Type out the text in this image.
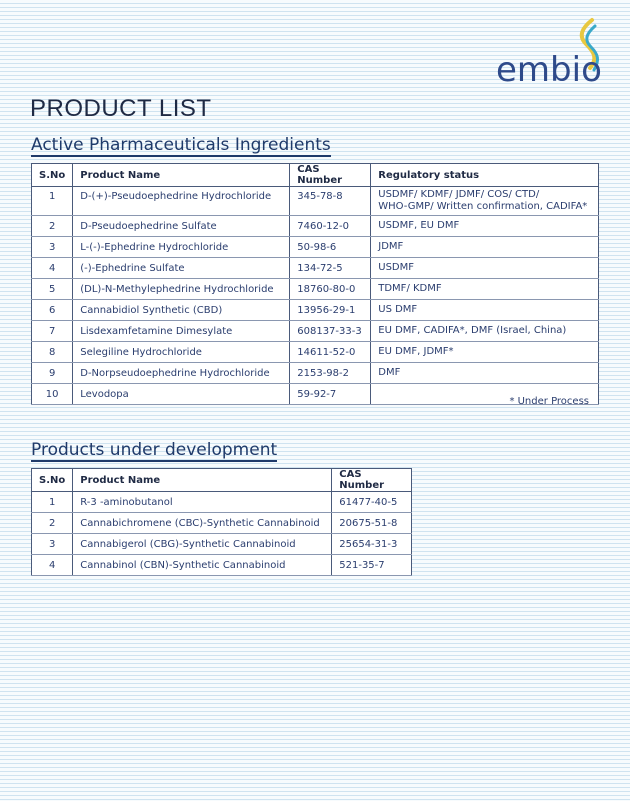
embio
PRODUCT LIST
Active Pharmaceuticals Ingredients
S.No	Product Name	CAS Number	Regulatory status
1	D-(+)-Pseudoephedrine Hydrochloride	345-78-8	USDMF/ KDMF/ JDMF/ COS/ CTD/
WHO-GMP/ Written confirmation, CADIFA*

2	D-Pseudoephedrine Sulfate	7460-12-0	USDMF, EU DMF

3	L-(-)-Ephedrine Hydrochloride	50-98-6	JDMF

4	(-)-Ephedrine Sulfate	134-72-5	USDMF

5	(DL)-N-Methylephedrine Hydrochloride	18760-80-0	TDMF/ KDMF

6	Cannabidiol Synthetic (CBD)	13956-29-1	US DMF

7	Lisdexamfetamine Dimesylate	608137-33-3	EU DMF, CADIFA*, DMF (Israel, China)

8	Selegiline Hydrochloride	14611-52-0	EU DMF, JDMF*

9	D-Norpseudoephedrine Hydrochloride	2153-98-2	DMF

10	Levodopa	59-92-7	
* Under Process
Products under development
S.No	Product Name	CAS Number
1	R-3 -aminobutanol	61477-40-5
2	Cannabichromene (CBC)-Synthetic Cannabinoid	20675-51-8
3	Cannabigerol (CBG)-Synthetic Cannabinoid	25654-31-3
4	Cannabinol (CBN)-Synthetic Cannabinoid	521-35-7
